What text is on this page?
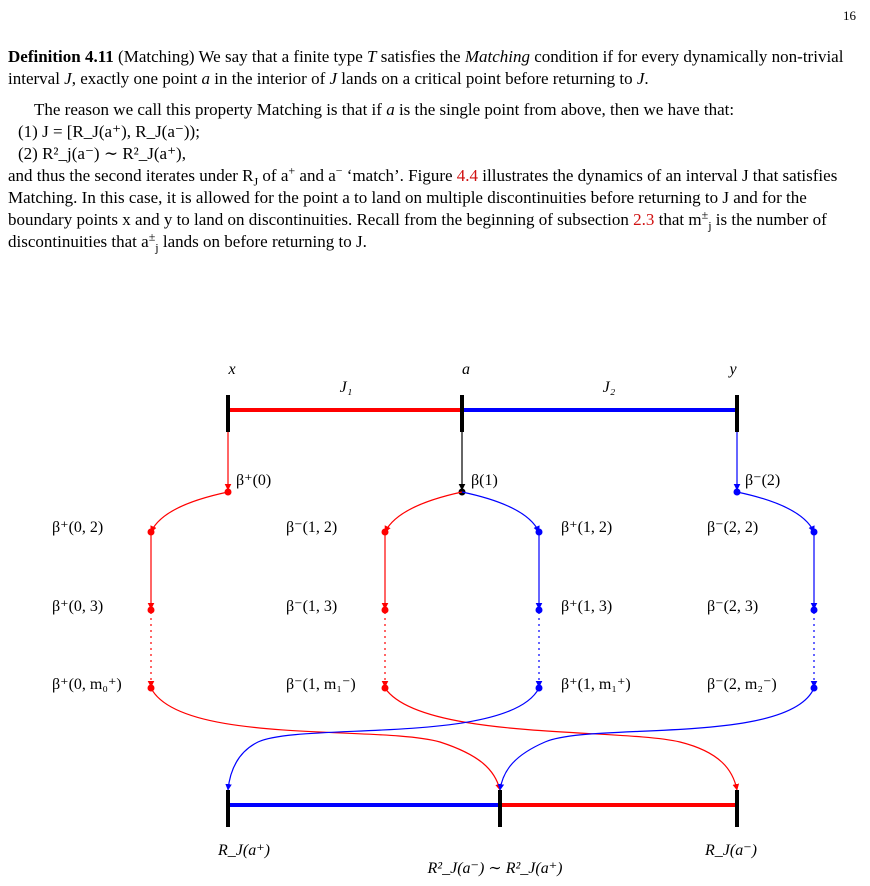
16

Definition 4.11 (Matching) We say that a finite type T satisfies the Matching condition if for every dynamically non-trivial interval J, exactly one point a in the interior of J lands on a critical point before returning to J.

The reason we call this property Matching is that if a is the single point from above, then we have that:

(1) J = [R_J(a⁺), R_J(a⁻));
(2) R²_j(a⁻) ∼ R²_J(a⁺),

and thus the second iterates under $R_J$ of a+ and a− ‘match’. Figure 4.4 illustrates the dynamics of an interval J that satisfies Matching. In this case, it is allowed for the point a to land on multiple discontinuities before returning to J and for the boundary points x and y to land on discontinuities. Recall from the beginning of subsection 2.3 that $m^\pm_j$ is the number of discontinuities that $a^\pm_j$ lands on before returning to J.

x	a	y
J₁	J₂
β⁺(0)
β⁺(0, 2)
β⁺(0, 3)
β⁺(0, m₀⁺)
β(1)
β⁻(1, 2)
β⁻(1, 3)
β⁻(1, m₁⁻)
β⁺(1, 2)
β⁺(1, 3)
β⁺(1, m₁⁺)
β⁻(2)
β⁻(2, 2)
β⁻(2, 3)
β⁻(2, m₂⁻)
R_J(a⁺)	R_J(a⁻)
R²_J(a⁻) ∼ R²_J(a⁺)
